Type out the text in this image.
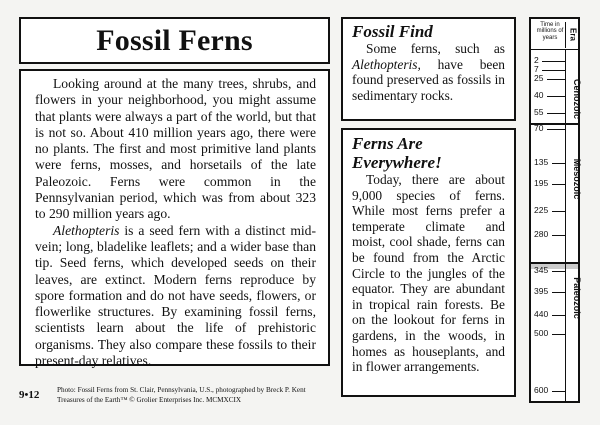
Fossil Ferns

Looking around at the many trees, shrubs, and flowers in your neighborhood, you might assume that plants were always a part of the world, but that is not so. About 410 million years ago, there were no plants. The first and most primitive land plants were ferns, mosses, and horsetails of the late Paleozoic. Ferns were common in the Pennsylvanian period, which was from about 323 to 290 million years ago.

Alethopteris is a seed fern with a distinct mid-vein; long, bladelike leaflets; and a wider base than tip. Seed ferns, which developed seeds on their leaves, are extinct. Modern ferns reproduce by spore formation and do not have seeds, flowers, or flowerlike structures. By examining fossil ferns, scientists learn about the life of prehistoric organisms. They also compare these fossils to their present-day relatives.

9•12 Photo: Fossil Ferns from St. Clair, Pennsylvania, U.S., photographed by Breck P. Kent
Treasures of the Earth™ © Grolier Enterprises Inc. MCMXCIX
Fossil Find

Some ferns, such as Alethopteris, have been found preserved as fossils in sedimentary rocks.

Ferns Are
Everywhere!

Today, there are about 9,000 species of ferns. While most ferns prefer a temperate climate and moist, cool shade, ferns can be found from the Arctic Circle to the jungles of the equator. They are abundant in tropical rain forests. Be on the lookout for ferns in gardens, in the woods, in homes as houseplants, and in flower arrangements.

Time in millions of years	Era
2
7
25
40
55
70
135
195
225
280
345
395
440
500
600
Cenozoic
Mesozoic
Paleozoic
